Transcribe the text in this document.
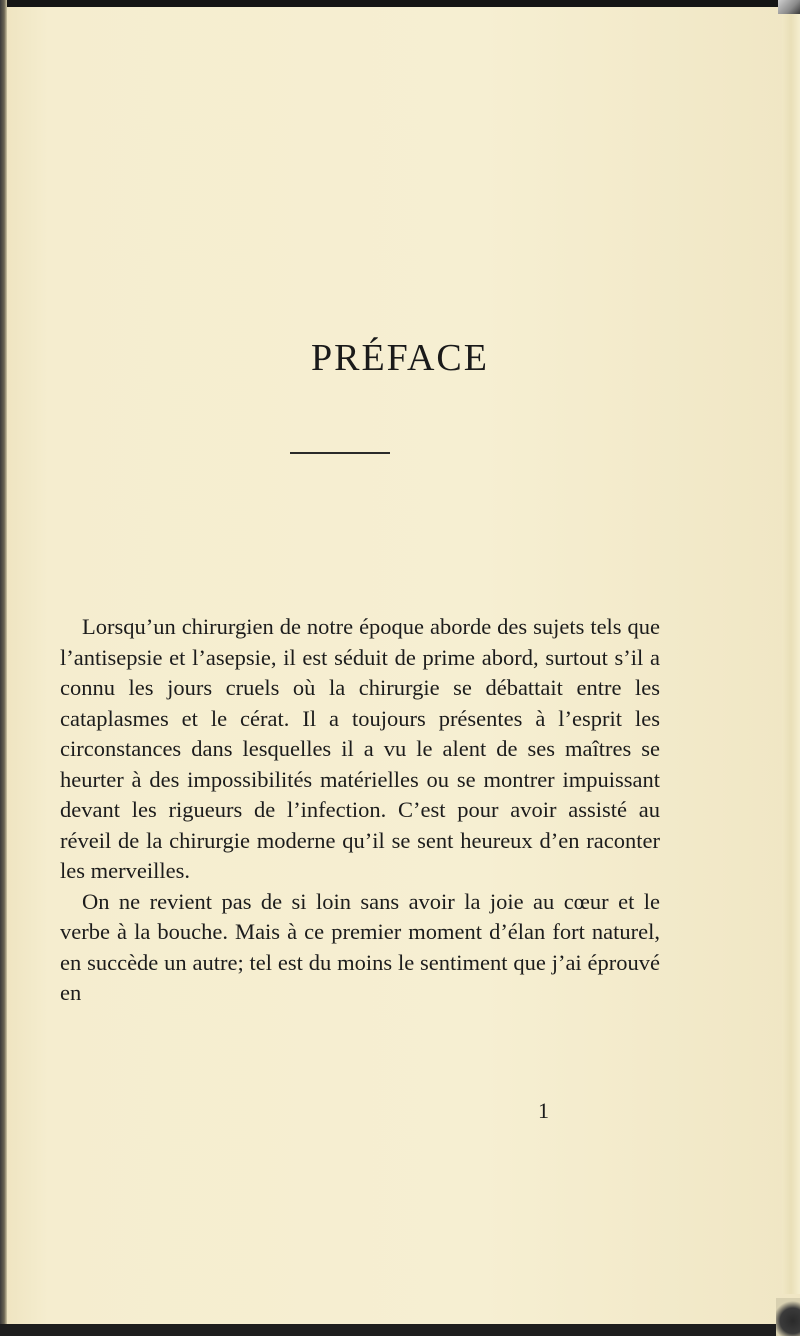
PRÉFACE

Lorsqu’un chirurgien de notre époque aborde des sujets tels que l’antisepsie et l’asepsie, il est séduit de prime abord, surtout s’il a connu les jours cruels où la chirurgie se débattait entre les cataplasmes et le cérat. Il a toujours présentes à l’esprit les circonstances dans lesquelles il a vu le alent de ses maîtres se heurter à des impossibilités matérielles ou se montrer impuissant devant les rigueurs de l’infection. C’est pour avoir assisté au réveil de la chirurgie moderne qu’il se sent heureux d’en raconter les merveilles.

On ne revient pas de si loin sans avoir la joie au cœur et le verbe à la bouche. Mais à ce premier moment d’élan fort naturel, en succède un autre; tel est du moins le sentiment que j’ai éprouvé en

1
